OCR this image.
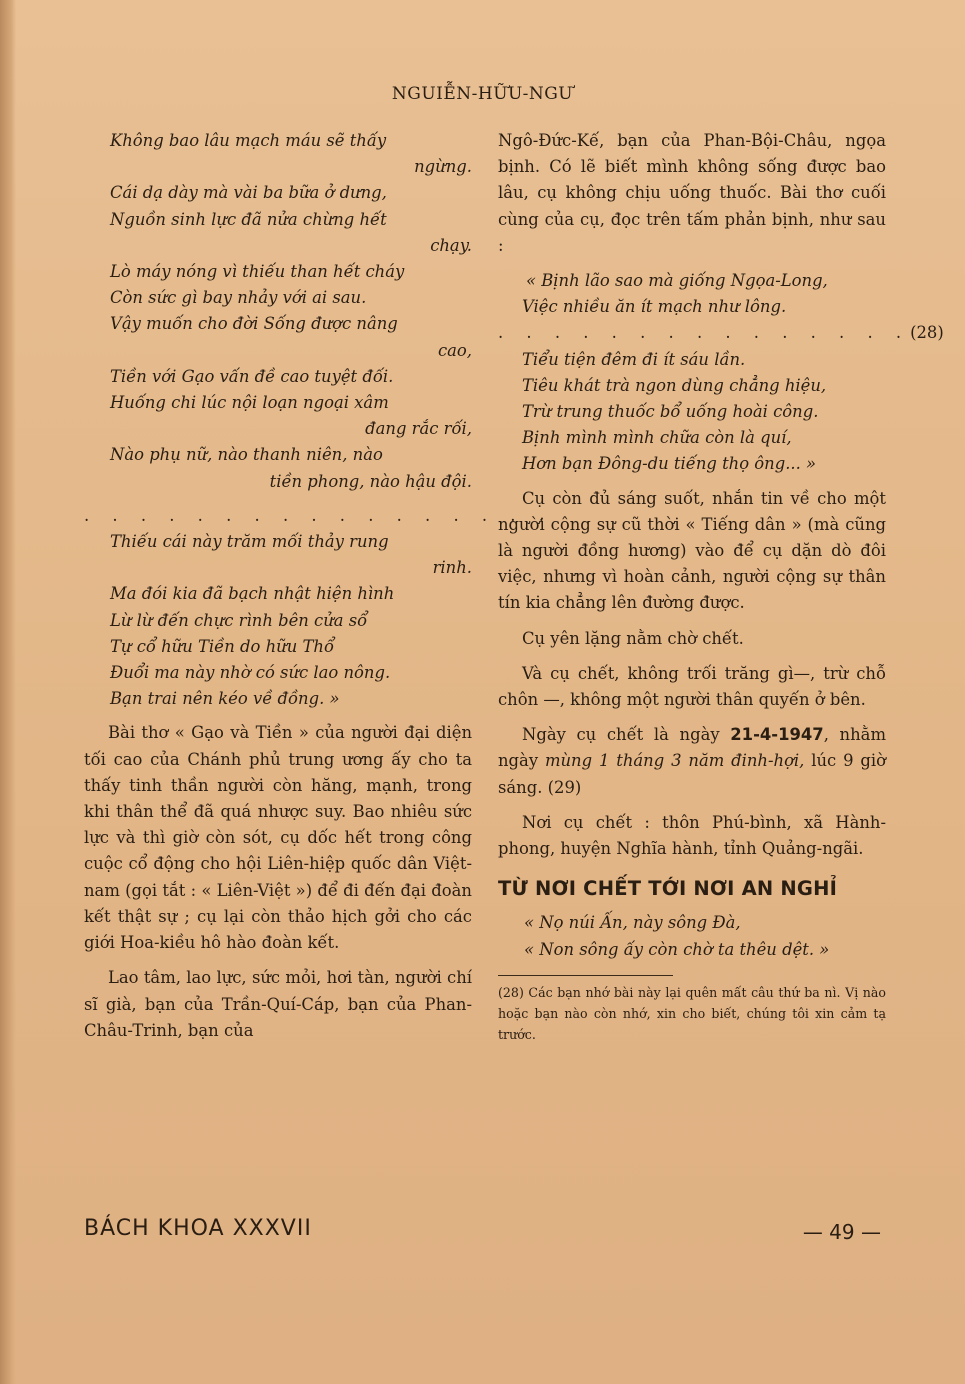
NGUIỄN-HỮU-NGƯ
Không bao lâu mạch máu sẽ thấy
ngừng.
Cái dạ dày mà vài ba bữa ở dưng,
Nguồn sinh lực đã nửa chừng hết
chạy.
Lò máy nóng vì thiếu than hết cháy
Còn sức gì bay nhảy với ai sau.
Vậy muốn cho đời Sống được nâng
cao,
Tiền với Gạo vấn đề cao tuyệt đối.
Huống chi lúc nội loạn ngoại xâm
đang rắc rối,
Nào phụ nữ, nào thanh niên, nào
tiền phong, nào hậu đội.
. . . . . . . . . . . . . . . . .
Thiếu cái này trăm mối thảy rung
rinh.
Ma đói kia đã bạch nhật hiện hình
Lừ lừ đến chực rình bên cửa sổ
Tự cổ hữu Tiền do hữu Thổ
Đuổi ma này nhờ có sức lao nông.
Bạn trai nên kéo về đồng. »

Bài thơ « Gạo và Tiền » của người đại diện tối cao của Chánh phủ trung ương ấy cho ta thấy tinh thần người còn hăng, mạnh, trong khi thân thể đã quá nhược suy. Bao nhiêu sức lực và thì giờ còn sót, cụ dốc hết trong công cuộc cổ động cho hội Liên-hiệp quốc dân Việt-nam (gọi tắt : « Liên-Việt ») để đi đến đại đoàn kết thật sự ; cụ lại còn thảo hịch gởi cho các giới Hoa-kiều hô hào đoàn kết.

Lao tâm, lao lực, sức mỏi, hơi tàn, người chí sĩ già, bạn của Trần-Quí-Cáp, bạn của Phan-Châu-Trinh, bạn của

Ngô-Đức-Kế, bạn của Phan-Bội-Châu, ngọa bịnh. Có lẽ biết mình không sống được bao lâu, cụ không chịu uống thuốc. Bài thơ cuối cùng của cụ, đọc trên tấm phản bịnh, như sau :

« Bịnh lão sao mà giống Ngọa-Long,
Việc nhiều ăn ít mạch như lông.
. . . . . . . . . . . . . . . (28)
Tiểu tiện đêm đi ít sáu lần.
Tiêu khát trà ngon dùng chẳng hiệu,
Trừ trung thuốc bổ uống hoài công.
Bịnh mình mình chữa còn là quí,
Hơn bạn Đông-du tiếng thọ ông... »

Cụ còn đủ sáng suốt, nhắn tin về cho một người cộng sự cũ thời « Tiếng dân » (mà cũng là người đồng hương) vào để cụ dặn dò đôi việc, nhưng vì hoàn cảnh, người cộng sự thân tín kia chẳng lên đường được.

Cụ yên lặng nằm chờ chết.

Và cụ chết, không trối trăng gì—, trừ chỗ chôn —, không một người thân quyến ở bên.

Ngày cụ chết là ngày 21-4-1947, nhằm ngày mùng 1 tháng 3 năm đinh-hợi, lúc 9 giờ sáng. (29)

Nơi cụ chết : thôn Phú-bình, xã Hành-phong, huyện Nghĩa hành, tỉnh Quảng-ngãi.

TỪ NƠI CHẾT TỚI NƠI AN NGHỈ
« Nọ núi Ấn, này sông Đà,
« Non sông ấy còn chờ ta thêu dệt. »
(28) Các bạn nhớ bài này lại quên mất câu thứ ba nì. Vị nào hoặc bạn nào còn nhớ, xin cho biết, chúng tôi xin cảm tạ trước.
BÁCH KHOA XXXVII	— 49 —
